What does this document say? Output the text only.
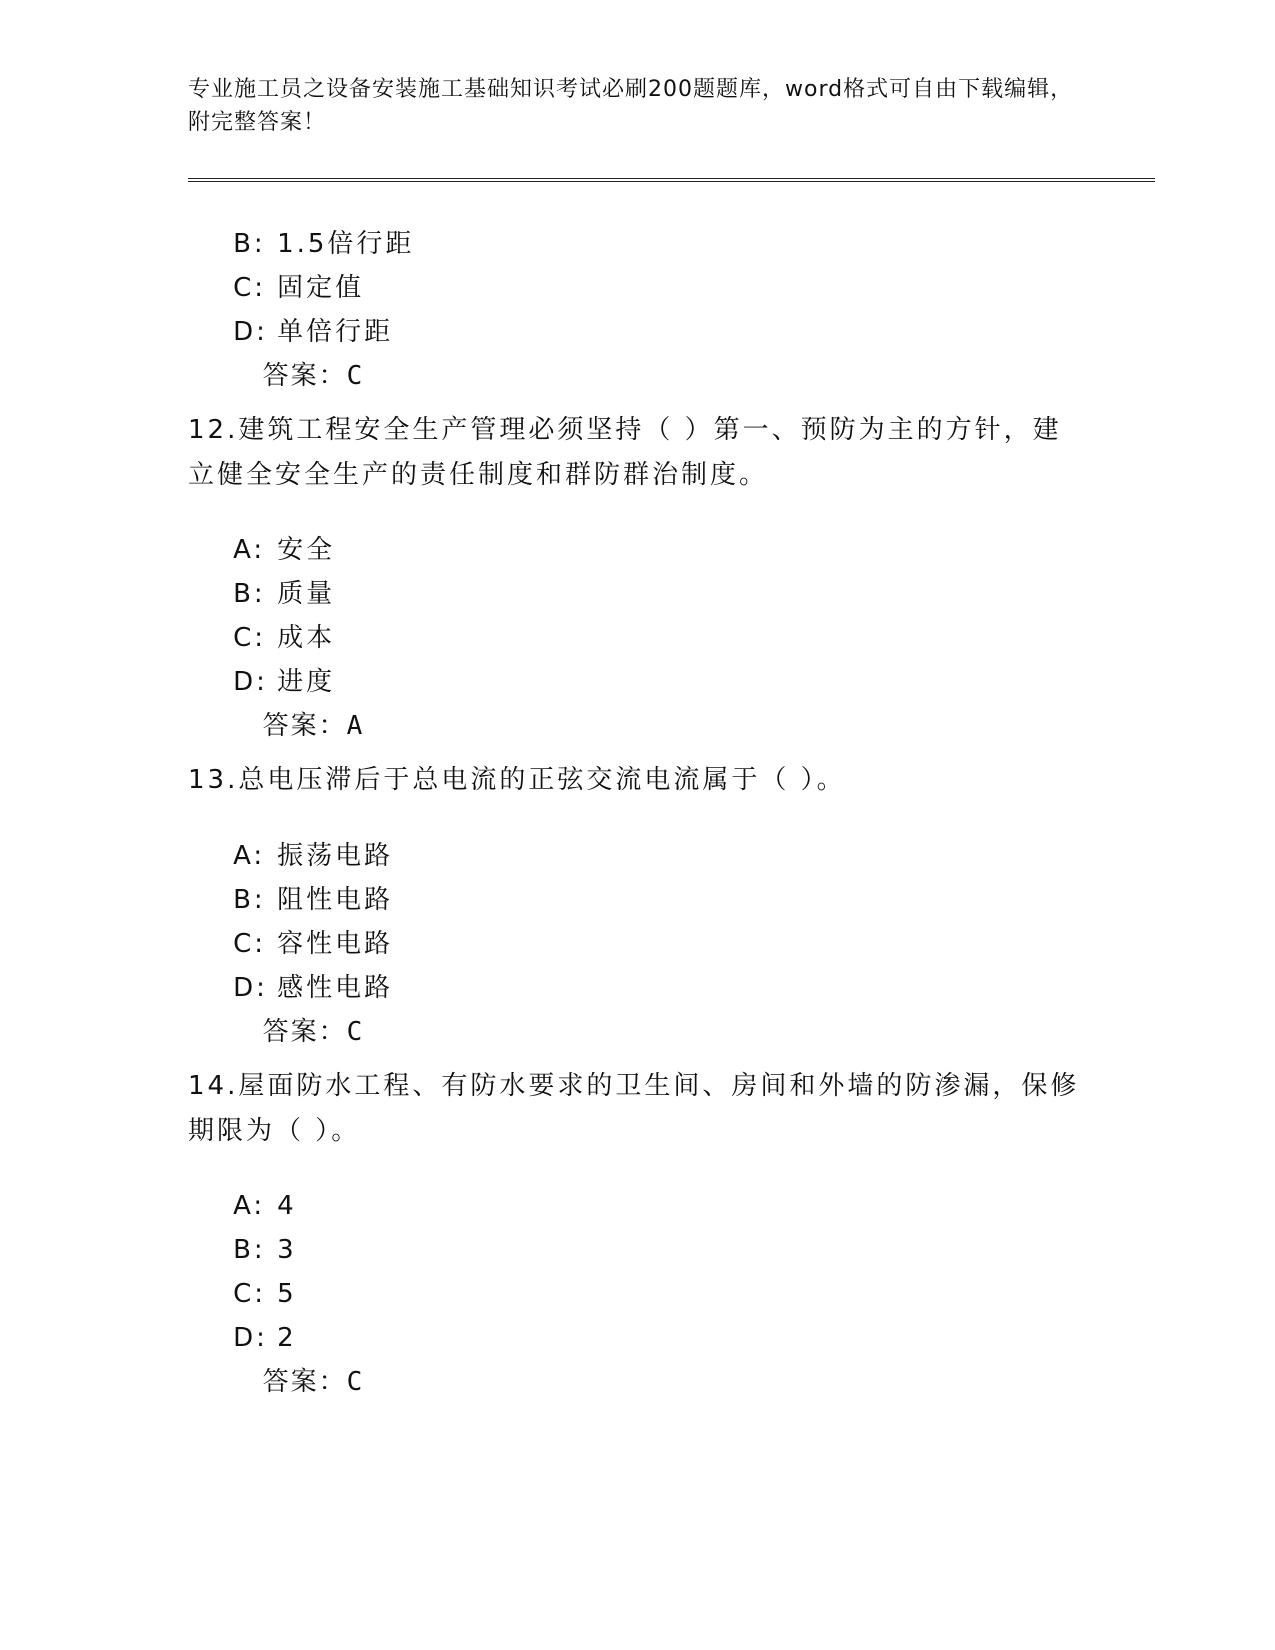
专业施工员之设备安装施工基础知识考试必刷200题题库，word格式可自由下载编辑，附完整答案！

B: 1.5倍行距

C: 固定值

D: 单倍行距

答案：C

12.建筑工程安全生产管理必须坚持（ ）第一、预防为主的方针，建立健全安全生产的责任制度和群防群治制度。

A: 安全

B: 质量

C: 成本

D: 进度

答案：A

13.总电压滞后于总电流的正弦交流电流属于（ ）。

A: 振荡电路

B: 阻性电路

C: 容性电路

D: 感性电路

答案：C

14.屋面防水工程、有防水要求的卫生间、房间和外墙的防渗漏，保修期限为（ ）。

A: 4

B: 3

C: 5

D: 2

答案：C
